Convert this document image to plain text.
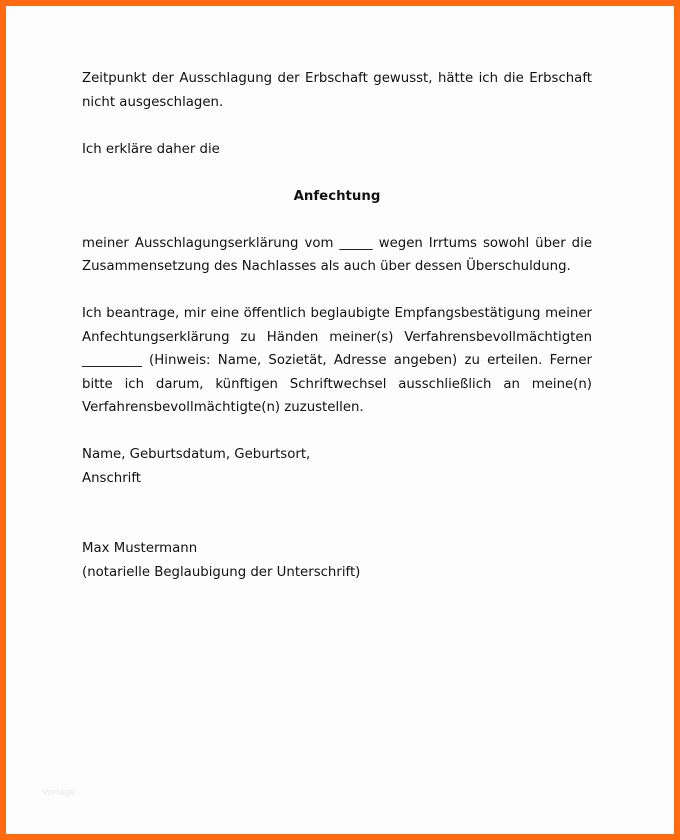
Zeitpunkt der Ausschlagung der Erbschaft gewusst, hätte ich die Erbschaft nicht ausgeschlagen.

Ich erkläre daher die

Anfechtung

meiner Ausschlagungserklärung vom _____ wegen Irrtums sowohl über die Zusammensetzung des Nachlasses als auch über dessen Überschuldung.

Ich beantrage, mir eine öffentlich beglaubigte Empfangsbestätigung meiner Anfechtungserklärung zu Händen meiner(s) Verfahrensbevollmächtigten _________ (Hinweis: Name, Sozietät, Adresse angeben) zu erteilen. Ferner bitte ich darum, künftigen Schriftwechsel ausschließlich an meine(n) Verfahrensbevollmächtigte(n) zuzustellen.

Name, Geburtsdatum, Geburtsort,
Anschrift
Max Mustermann
(notarielle Beglaubigung der Unterschrift)
Vorlage
